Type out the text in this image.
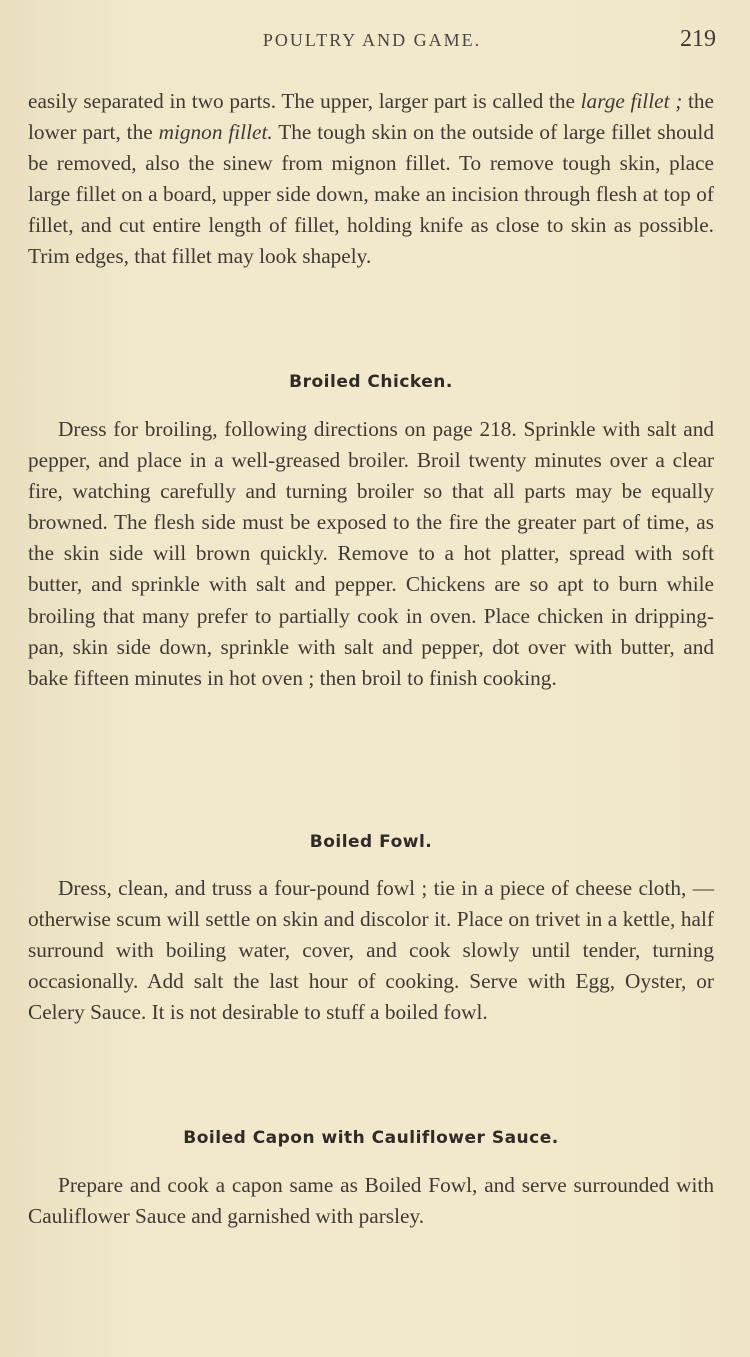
POULTRY AND GAME.	219

easily separated in two parts. The upper, larger part is called the large fillet ; the lower part, the mignon fillet. The tough skin on the outside of large fillet should be removed, also the sinew from mignon fillet. To remove tough skin, place large fillet on a board, upper side down, make an incision through flesh at top of fillet, and cut entire length of fillet, holding knife as close to skin as possible. Trim edges, that fillet may look shapely.

Broiled Chicken.

Dress for broiling, following directions on page 218. Sprinkle with salt and pepper, and place in a well-greased broiler. Broil twenty minutes over a clear fire, watching carefully and turning broiler so that all parts may be equally browned. The flesh side must be exposed to the fire the greater part of time, as the skin side will brown quickly. Remove to a hot platter, spread with soft butter, and sprinkle with salt and pepper. Chickens are so apt to burn while broiling that many prefer to partially cook in oven. Place chicken in dripping-pan, skin side down, sprinkle with salt and pepper, dot over with butter, and bake fifteen minutes in hot oven ; then broil to finish cooking.

Boiled Fowl.

Dress, clean, and truss a four-pound fowl ; tie in a piece of cheese cloth, — otherwise scum will settle on skin and discolor it. Place on trivet in a kettle, half surround with boiling water, cover, and cook slowly until tender, turning occasionally. Add salt the last hour of cooking. Serve with Egg, Oyster, or Celery Sauce. It is not desirable to stuff a boiled fowl.

Boiled Capon with Cauliflower Sauce.

Prepare and cook a capon same as Boiled Fowl, and serve surrounded with Cauliflower Sauce and garnished with parsley.
